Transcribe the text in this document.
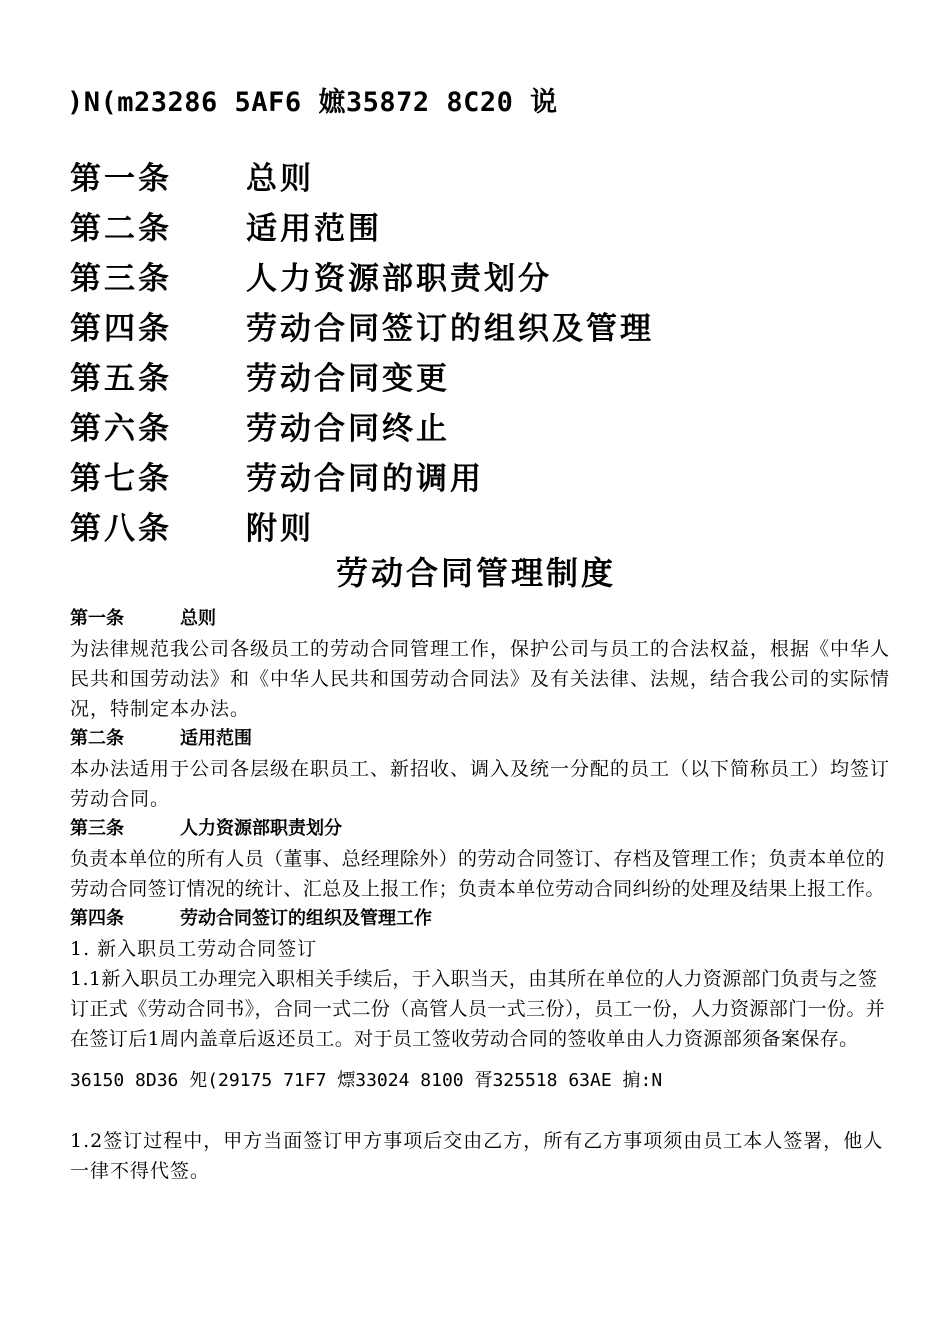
)N(m23286 5AF6 嫬35872 8C20 说
第一条	总则
第二条	适用范围
第三条	人力资源部职责划分
第四条	劳动合同签订的组织及管理
第五条	劳动合同变更
第六条	劳动合同终止
第七条	劳动合同的调用
第八条	附则
劳动合同管理制度
第一条	总则
为法律规范我公司各级员工的劳动合同管理工作，保护公司与员工的合法权益，根据《中华人民共和国劳动法》和《中华人民共和国劳动合同法》及有关法律、法规，结合我公司的实际情况，特制定本办法。
第二条	适用范围
本办法适用于公司各层级在职员工、新招收、调入及统一分配的员工（以下简称员工）均签订劳动合同。
第三条	人力资源部职责划分
负责本单位的所有人员（董事、总经理除外）的劳动合同签订、存档及管理工作；负责本单位的劳动合同签订情况的统计、汇总及上报工作；负责本单位劳动合同纠纷的处理及结果上报工作。
第四条	劳动合同签订的组织及管理工作
1. 新入职员工劳动合同签订
1.1新入职员工办理完入职相关手续后，于入职当天，由其所在单位的人力资源部门负责与之签订正式《劳动合同书》，合同一式二份（高管人员一式三份），员工一份，人力资源部门一份。并在签订后1周内盖章后返还员工。对于员工签收劳动合同的签收单由人力资源部须备案保存。
36150 8D36 夗(29175 71F7 熛33024 8100 胥325518 63AE 掮:N
1.2签订过程中，甲方当面签订甲方事项后交由乙方，所有乙方事项须由员工本人签署，他人一律不得代签。
